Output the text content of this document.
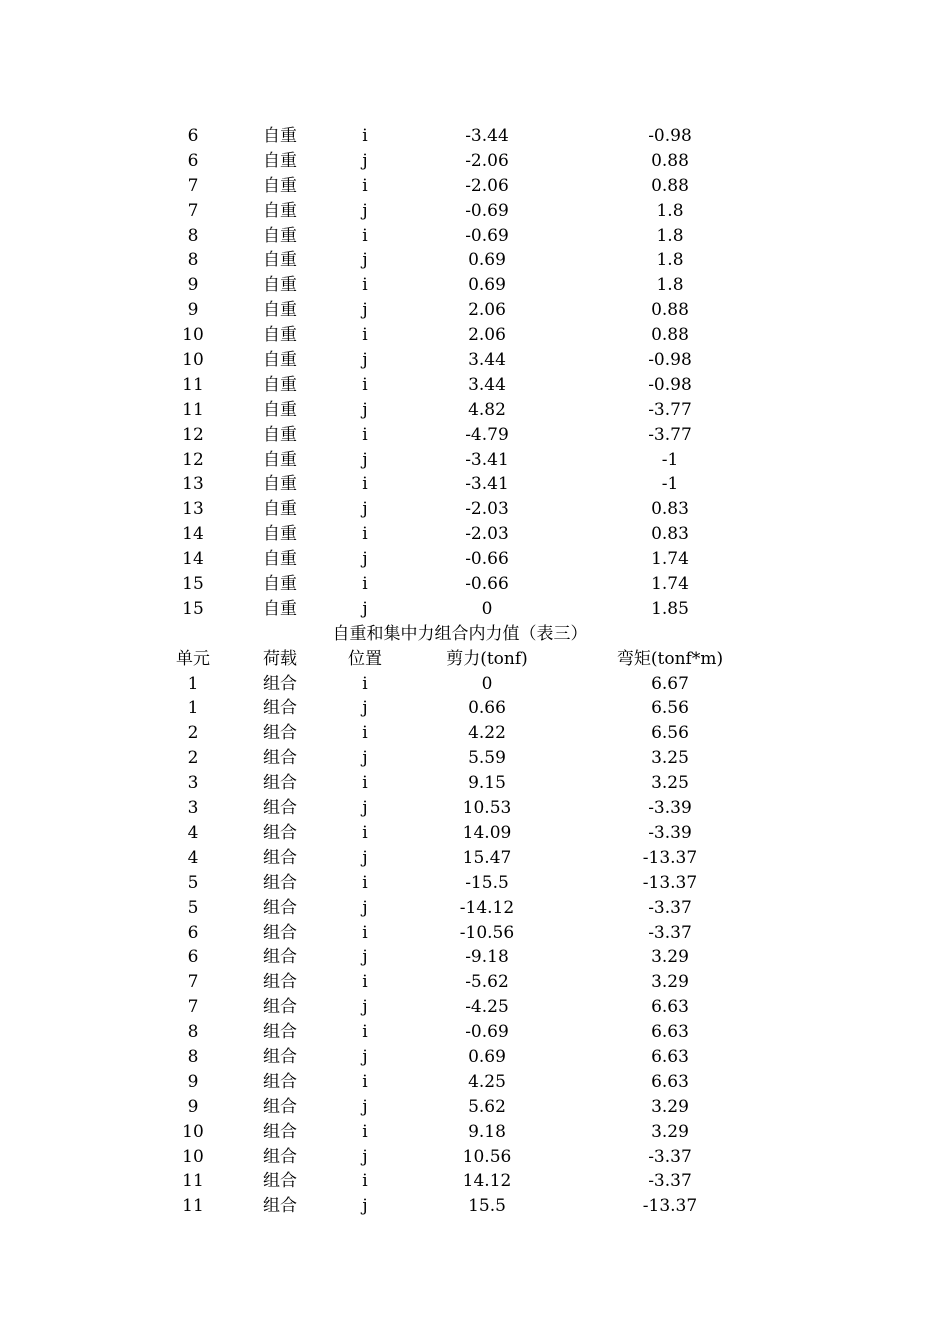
6	自重	i	-3.44	-0.98
6	自重	j	-2.06	0.88
7	自重	i	-2.06	0.88
7	自重	j	-0.69	1.8
8	自重	i	-0.69	1.8
8	自重	j	0.69	1.8
9	自重	i	0.69	1.8
9	自重	j	2.06	0.88
10	自重	i	2.06	0.88
10	自重	j	3.44	-0.98
11	自重	i	3.44	-0.98
11	自重	j	4.82	-3.77
12	自重	i	-4.79	-3.77
12	自重	j	-3.41	-1
13	自重	i	-3.41	-1
13	自重	j	-2.03	0.83
14	自重	i	-2.03	0.83
14	自重	j	-0.66	1.74
15	自重	i	-0.66	1.74
15	自重	j	0	1.85
自重和集中力组合内力值（表三）
单元	荷载	位置	剪力(tonf)	弯矩(tonf*m)
1	组合	i	0	6.67
1	组合	j	0.66	6.56
2	组合	i	4.22	6.56
2	组合	j	5.59	3.25
3	组合	i	9.15	3.25
3	组合	j	10.53	-3.39
4	组合	i	14.09	-3.39
4	组合	j	15.47	-13.37
5	组合	i	-15.5	-13.37
5	组合	j	-14.12	-3.37
6	组合	i	-10.56	-3.37
6	组合	j	-9.18	3.29
7	组合	i	-5.62	3.29
7	组合	j	-4.25	6.63
8	组合	i	-0.69	6.63
8	组合	j	0.69	6.63
9	组合	i	4.25	6.63
9	组合	j	5.62	3.29
10	组合	i	9.18	3.29
10	组合	j	10.56	-3.37
11	组合	i	14.12	-3.37
11	组合	j	15.5	-13.37
